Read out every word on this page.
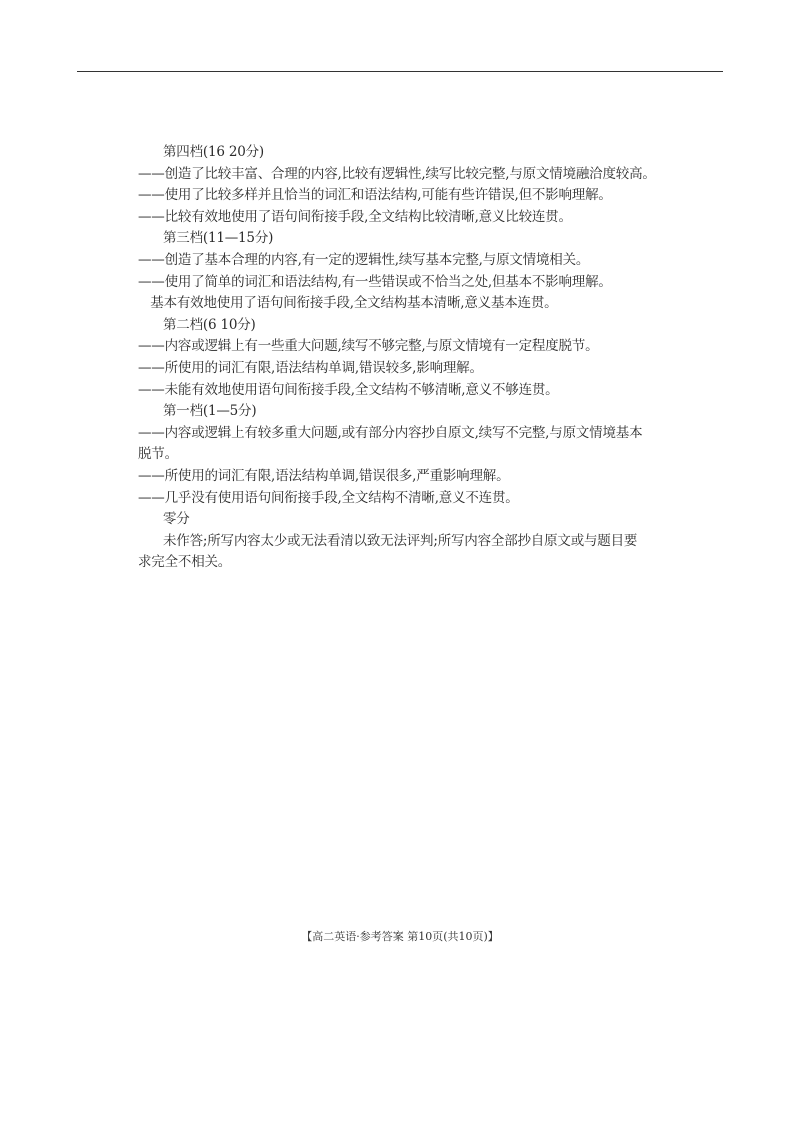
第四档(16 20分)
——创造了比较丰富、合理的内容,比较有逻辑性,续写比较完整,与原文情境融洽度较高。
——使用了比较多样并且恰当的词汇和语法结构,可能有些许错误,但不影响理解。
——比较有效地使用了语句间衔接手段,全文结构比较清晰,意义比较连贯。
第三档(11—15分)
——创造了基本合理的内容,有一定的逻辑性,续写基本完整,与原文情境相关。
——使用了简单的词汇和语法结构,有一些错误或不恰当之处,但基本不影响理解。
基本有效地使用了语句间衔接手段,全文结构基本清晰,意义基本连贯。
第二档(6 10分)
——内容或逻辑上有一些重大问题,续写不够完整,与原文情境有一定程度脱节。
——所使用的词汇有限,语法结构单调,错误较多,影响理解。
——未能有效地使用语句间衔接手段,全文结构不够清晰,意义不够连贯。
第一档(1—5分)
——内容或逻辑上有较多重大问题,或有部分内容抄自原文,续写不完整,与原文情境基本脱节。
——所使用的词汇有限,语法结构单调,错误很多,严重影响理解。
——几乎没有使用语句间衔接手段,全文结构不清晰,意义不连贯。
零分
未作答;所写内容太少或无法看清以致无法评判;所写内容全部抄自原文或与题目要求完全不相关。
【高二英语·参考答案 第10页(共10页)】
